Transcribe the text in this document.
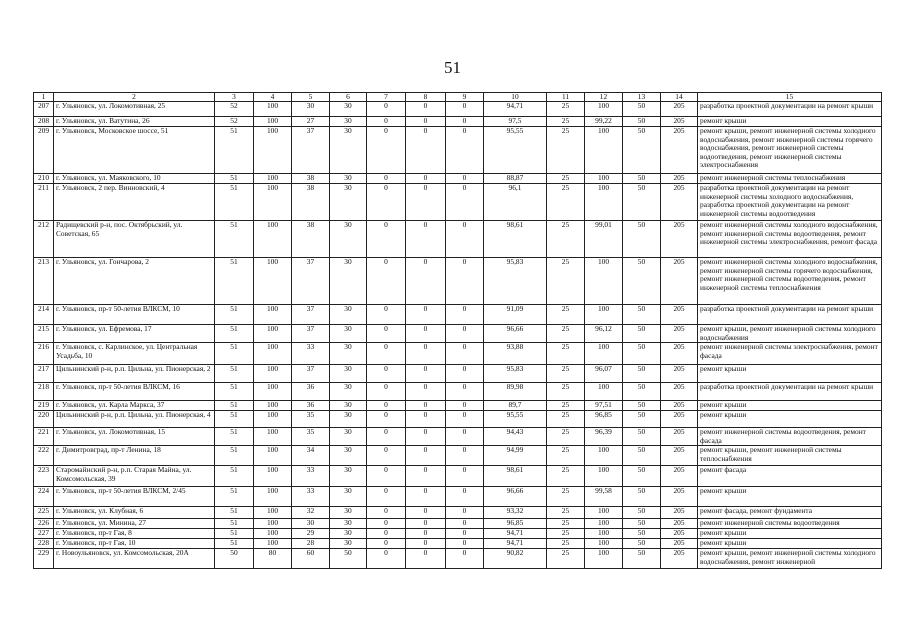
51
1	2	3	4	5	6	7	8	9	10	11	12	13	14	15
207	г. Ульяновск, ул. Локомотивная, 25	52	100	30	30	0	0	0	94,71	25	100	50	205	разработка проектной документации на ремонт крыши
208	г. Ульяновск, ул. Ватутина, 26	52	100	27	30	0	0	0	97,5	25	99,22	50	205	ремонт крыши
209	г. Ульяновск, Московское шоссе, 51	51	100	37	30	0	0	0	95,55	25	100	50	205	ремонт крыши, ремонт инженерной системы холодного водоснабжения, ремонт инженерной системы горячего водоснабжения, ремонт инженерной системы водоотведения, ремонт инженерной системы электроснабжения
210	г. Ульяновск, ул. Маяковского, 10	51	100	38	30	0	0	0	88,87	25	100	50	205	ремонт инженерной системы теплоснабжения
211	г. Ульяновск, 2 пер. Винновский, 4	51	100	38	30	0	0	0	96,1	25	100	50	205	разработка проектной документации на ремонт инженерной системы холодного водоснабжения, разработка проектной документации на ремонт инженерной системы водоотведения
212	Радищевский р-н, пос. Октябрьский, ул. Советская, 65	51	100	38	30	0	0	0	98,61	25	99,01	50	205	ремонт инженерной системы холодного водоснабжения, ремонт инженерной системы водоотведения, ремонт инженерной системы электроснабжения, ремонт фасада
213	г. Ульяновск, ул. Гончарова, 2	51	100	37	30	0	0	0	95,83	25	100	50	205	ремонт инженерной системы холодного водоснабжения, ремонт инженерной системы горячего водоснабжения, ремонт инженерной системы водоотведения, ремонт инженерной системы теплоснабжения
214	г. Ульяновск, пр-т 50-летия ВЛКСМ, 10	51	100	37	30	0	0	0	91,09	25	100	50	205	разработка проектной документации на ремонт крыши
215	г. Ульяновск, ул. Ефремова, 17	51	100	37	30	0	0	0	96,66	25	96,12	50	205	ремонт крыши, ремонт инженерной системы холодного водоснабжения
216	г. Ульяновск, с. Карлинское, ул. Центральная Усадьба, 10	51	100	33	30	0	0	0	93,88	25	100	50	205	ремонт инженерной системы электроснабжения, ремонт фасада
217	Цильнинский р-н, р.п. Цильна, ул. Пионерская, 2	51	100	37	30	0	0	0	95,83	25	96,07	50	205	ремонт крыши
218	г. Ульяновск, пр-т 50-летия ВЛКСМ, 16	51	100	36	30	0	0	0	89,98	25	100	50	205	разработка проектной документации на ремонт крыши
219	г. Ульяновск, ул. Карла Маркса, 37	51	100	36	30	0	0	0	89,7	25	97,51	50	205	ремонт крыши
220	Цильнинский р-н, р.п. Цильна, ул. Пионерская, 4	51	100	35	30	0	0	0	95,55	25	96,85	50	205	ремонт крыши
221	г. Ульяновск, ул. Локомотивная, 15	51	100	35	30	0	0	0	94,43	25	96,39	50	205	ремонт инженерной системы водоотведения, ремонт фасада
222	г. Димитровград, пр-т Ленина, 18	51	100	34	30	0	0	0	94,99	25	100	50	205	ремонт крыши, ремонт инженерной системы теплоснабжения
223	Старомайнский р-н, р.п. Старая Майна, ул. Комсомольская, 39	51	100	33	30	0	0	0	98,61	25	100	50	205	ремонт фасада
224	г. Ульяновск, пр-т 50-летия ВЛКСМ, 2/45	51	100	33	30	0	0	0	96,66	25	99,58	50	205	ремонт крыши
225	г. Ульяновск, ул. Клубная, 6	51	100	32	30	0	0	0	93,32	25	100	50	205	ремонт фасада, ремонт фундамента
226	г. Ульяновск, ул. Минина, 27	51	100	30	30	0	0	0	96,85	25	100	50	205	ремонт инженерной системы водоотведения
227	г. Ульяновск, пр-т Гая, 8	51	100	29	30	0	0	0	94,71	25	100	50	205	ремонт крыши
228	г. Ульяновск, пр-т Гая, 10	51	100	28	30	0	0	0	94,71	25	100	50	205	ремонт крыши
229	г. Новоульяновск, ул. Комсомольская, 20А	50	80	60	50	0	0	0	90,82	25	100	50	205	ремонт крыши, ремонт инженерной системы холодного водоснабжения, ремонт инженерной
